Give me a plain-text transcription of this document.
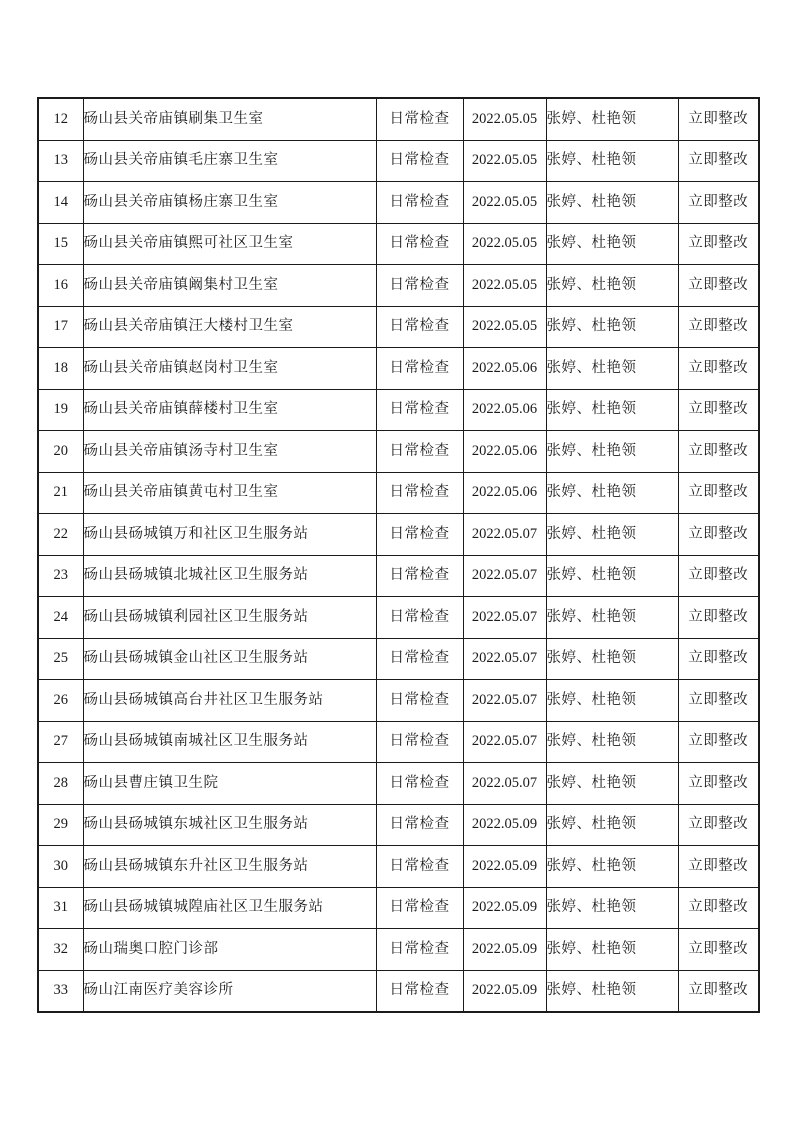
12	砀山县关帝庙镇刷集卫生室	日常检查	2022.05.05	张婷、杜艳领	立即整改
13	砀山县关帝庙镇毛庄寨卫生室	日常检查	2022.05.05	张婷、杜艳领	立即整改
14	砀山县关帝庙镇杨庄寨卫生室	日常检查	2022.05.05	张婷、杜艳领	立即整改
15	砀山县关帝庙镇熙可社区卫生室	日常检查	2022.05.05	张婷、杜艳领	立即整改
16	砀山县关帝庙镇阚集村卫生室	日常检查	2022.05.05	张婷、杜艳领	立即整改
17	砀山县关帝庙镇汪大楼村卫生室	日常检查	2022.05.05	张婷、杜艳领	立即整改
18	砀山县关帝庙镇赵岗村卫生室	日常检查	2022.05.06	张婷、杜艳领	立即整改
19	砀山县关帝庙镇薛楼村卫生室	日常检查	2022.05.06	张婷、杜艳领	立即整改
20	砀山县关帝庙镇汤寺村卫生室	日常检查	2022.05.06	张婷、杜艳领	立即整改
21	砀山县关帝庙镇黄屯村卫生室	日常检查	2022.05.06	张婷、杜艳领	立即整改
22	砀山县砀城镇万和社区卫生服务站	日常检查	2022.05.07	张婷、杜艳领	立即整改
23	砀山县砀城镇北城社区卫生服务站	日常检查	2022.05.07	张婷、杜艳领	立即整改
24	砀山县砀城镇利园社区卫生服务站	日常检查	2022.05.07	张婷、杜艳领	立即整改
25	砀山县砀城镇金山社区卫生服务站	日常检查	2022.05.07	张婷、杜艳领	立即整改
26	砀山县砀城镇高台井社区卫生服务站	日常检查	2022.05.07	张婷、杜艳领	立即整改
27	砀山县砀城镇南城社区卫生服务站	日常检查	2022.05.07	张婷、杜艳领	立即整改
28	砀山县曹庄镇卫生院	日常检查	2022.05.07	张婷、杜艳领	立即整改
29	砀山县砀城镇东城社区卫生服务站	日常检查	2022.05.09	张婷、杜艳领	立即整改
30	砀山县砀城镇东升社区卫生服务站	日常检查	2022.05.09	张婷、杜艳领	立即整改
31	砀山县砀城镇城隍庙社区卫生服务站	日常检查	2022.05.09	张婷、杜艳领	立即整改
32	砀山瑞奥口腔门诊部	日常检查	2022.05.09	张婷、杜艳领	立即整改
33	砀山江南医疗美容诊所	日常检查	2022.05.09	张婷、杜艳领	立即整改
